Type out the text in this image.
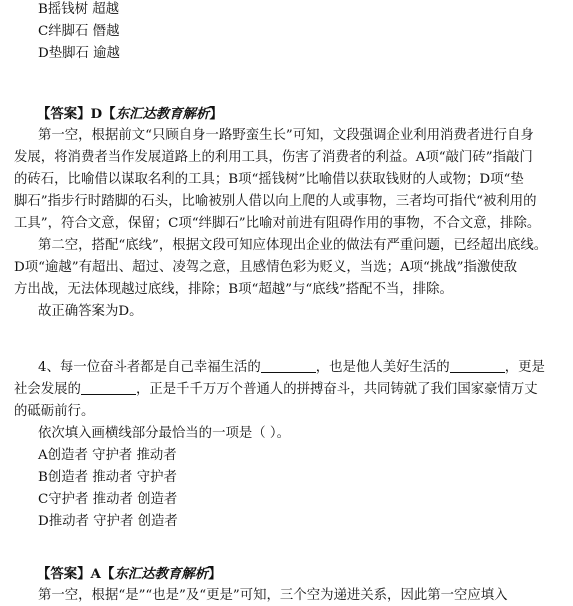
B摇钱树 超越
C绊脚石 僭越
D垫脚石 逾越
【答案】D【东汇达教育解析】
第一空，根据前文“只顾自身一路野蛮生长”可知，文段强调企业利用消费者进行自身
发展，将消费者当作发展道路上的利用工具，伤害了消费者的利益。A项“敲门砖”指敲门
的砖石，比喻借以谋取名利的工具；B项“摇钱树”比喻借以获取钱财的人或物；D项“垫
脚石”指步行时踏脚的石头，比喻被别人借以向上爬的人或事物，三者均可指代“被利用的
工具”，符合文意，保留；C项“绊脚石”比喻对前进有阻碍作用的事物，不合文意，排除。
第二空，搭配“底线”，根据文段可知应体现出企业的做法有严重问题，已经超出底线。
D项“逾越”有超出、超过、凌驾之意，且感情色彩为贬义，当选；A项“挑战”指激使敌
方出战，无法体现越过底线，排除；B项“超越”与“底线”搭配不当，排除。
故正确答案为D。
4、每一位奋斗者都是自己幸福生活的	，也是他人美好生活的	，更是
社会发展的	，正是千千万万个普通人的拼搏奋斗，共同铸就了我们国家豪情万丈
的砥砺前行。
依次填入画横线部分最恰当的一项是（ ）。
A创造者 守护者 推动者
B创造者 推动者 守护者
C守护者 推动者 创造者
D推动者 守护者 创造者
【答案】A【东汇达教育解析】
第一空，根据“是”“也是”及“更是”可知，三个空为递进关系，因此第一空应填入
